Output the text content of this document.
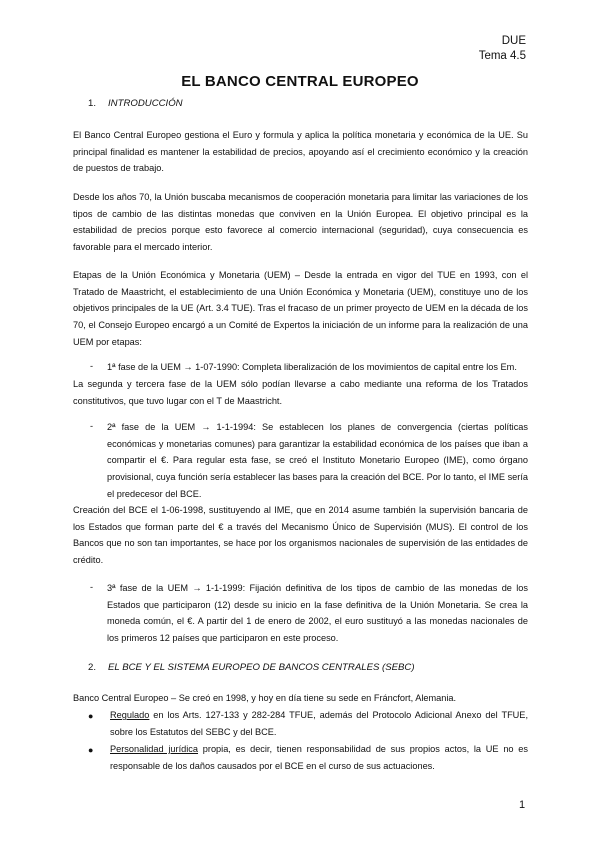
DUE
Tema 4.5
EL BANCO CENTRAL EUROPEO
1. INTRODUCCIÓN
El Banco Central Europeo gestiona el Euro y formula y aplica la política monetaria y económica de la UE. Su principal finalidad es mantener la estabilidad de precios, apoyando así el crecimiento económico y la creación de puestos de trabajo.
Desde los años 70, la Unión buscaba mecanismos de cooperación monetaria para limitar las variaciones de los tipos de cambio de las distintas monedas que conviven en la Unión Europea. El objetivo principal es la estabilidad de precios porque esto favorece al comercio internacional (seguridad), cuya consecuencia es favorable para el mercado interior.
Etapas de la Unión Económica y Monetaria (UEM) – Desde la entrada en vigor del TUE en 1993, con el Tratado de Maastricht, el establecimiento de una Unión Económica y Monetaria (UEM), constituye uno de los objetivos principales de la UE (Art. 3.4 TUE). Tras el fracaso de un primer proyecto de UEM en la década de los 70, el Consejo Europeo encargó a un Comité de Expertos la iniciación de un informe para la realización de una UEM por etapas:
- 1ª fase de la UEM → 1-07-1990: Completa liberalización de los movimientos de capital entre los Em.
La segunda y tercera fase de la UEM sólo podían llevarse a cabo mediante una reforma de los Tratados constitutivos, que tuvo lugar con el T de Maastricht.
- 2ª fase de la UEM → 1-1-1994: Se establecen los planes de convergencia (ciertas políticas económicas y monetarias comunes) para garantizar la estabilidad económica de los países que iban a compartir el €. Para regular esta fase, se creó el Instituto Monetario Europeo (IME), como órgano provisional, cuya función sería establecer las bases para la creación del BCE. Por lo tanto, el IME sería el predecesor del BCE.
Creación del BCE el 1-06-1998, sustituyendo al IME, que en 2014 asume también la supervisión bancaria de los Estados que forman parte del € a través del Mecanismo Único de Supervisión (MUS). El control de los Bancos que no son tan importantes, se hace por los organismos nacionales de supervisión de las entidades de crédito.
- 3ª fase de la UEM → 1-1-1999: Fijación definitiva de los tipos de cambio de las monedas de los Estados que participaron (12) desde su inicio en la fase definitiva de la Unión Monetaria. Se crea la moneda común, el €. A partir del 1 de enero de 2002, el euro sustituyó a las monedas nacionales de los primeros 12 países que participaron en este proceso.
2. EL BCE Y EL SISTEMA EUROPEO DE BANCOS CENTRALES (SEBC)
Banco Central Europeo – Se creó en 1998, y hoy en día tiene su sede en Fráncfort, Alemania.
● Regulado en los Arts. 127-133 y 282-284 TFUE, además del Protocolo Adicional Anexo del TFUE, sobre los Estatutos del SEBC y del BCE.
● Personalidad jurídica propia, es decir, tienen responsabilidad de sus propios actos, la UE no es responsable de los daños causados por el BCE en el curso de sus actuaciones.
1
